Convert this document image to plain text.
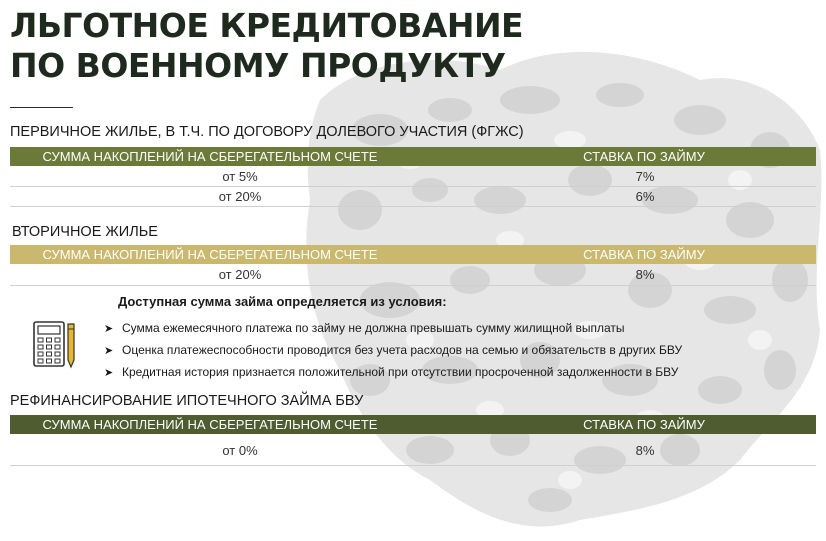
ЛЬГОТНОЕ КРЕДИТОВАНИЕ
ПО ВОЕННОМУ ПРОДУКТУ
ПЕРВИЧНОЕ ЖИЛЬЕ, В Т.Ч. ПО ДОГОВОРУ ДОЛЕВОГО УЧАСТИЯ (ФГЖС)
СУММА НАКОПЛЕНИЙ НА СБЕРЕГАТЕЛЬНОМ СЧЕТЕ	СТАВКА ПО ЗАЙМУ
от 5%	7%
от 20%	6%
ВТОРИЧНОЕ ЖИЛЬЕ
СУММА НАКОПЛЕНИЙ НА СБЕРЕГАТЕЛЬНОМ СЧЕТЕ	СТАВКА ПО ЗАЙМУ
от 20%	8%
Доступная сумма займа определяется из условия:
➤ Сумма ежемесячного платежа по займу не должна превышать сумму жилищной выплаты
➤ Оценка платежеспособности проводится без учета расходов на семью и обязательств в других БВУ
➤ Кредитная история признается положительной при отсутствии просроченной задолженности в БВУ
РЕФИНАНСИРОВАНИЕ ИПОТЕЧНОГО ЗАЙМА БВУ
СУММА НАКОПЛЕНИЙ НА СБЕРЕГАТЕЛЬНОМ СЧЕТЕ	СТАВКА ПО ЗАЙМУ
от 0%	8%
